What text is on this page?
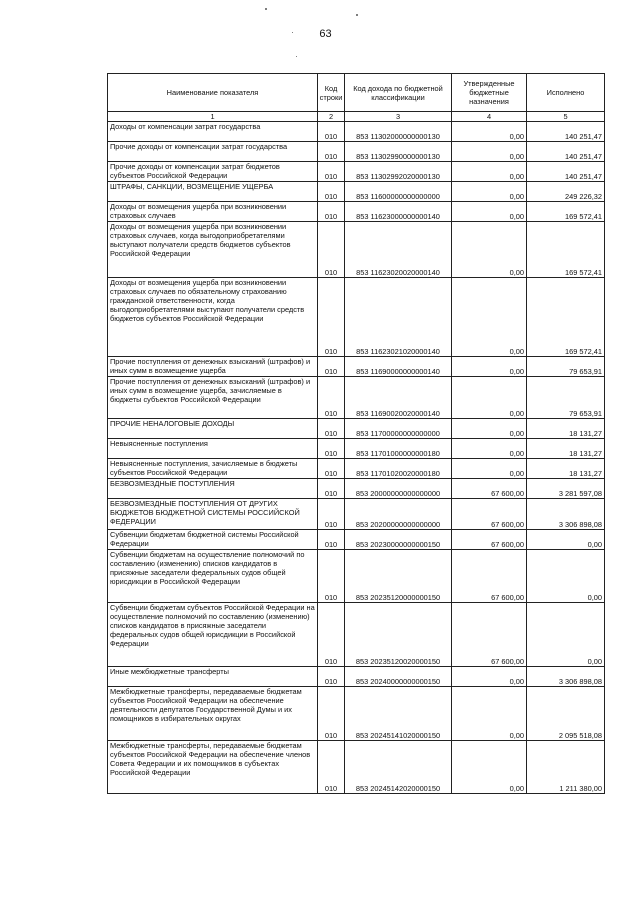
63
Наименование показателя	Код строки	Код дохода по бюджетной классификации	Утвержденные бюджетные назначения	Исполнено
1	2	3	4	5
Доходы от компенсации затрат государства	010	853 11302000000000130	0,00	140 251,47
Прочие доходы от компенсации затрат государства	010	853 11302990000000130	0,00	140 251,47
Прочие доходы от компенсации затрат бюджетов субъектов Российской Федерации	010	853 11302992020000130	0,00	140 251,47
ШТРАФЫ, САНКЦИИ, ВОЗМЕЩЕНИЕ УЩЕРБА	010	853 11600000000000000	0,00	249 226,32
Доходы от возмещения ущерба при возникновении страховых случаев	010	853 11623000000000140	0,00	169 572,41
Доходы от возмещения ущерба при возникновении страховых случаев, когда выгодоприобретателями выступают получатели средств бюджетов субъектов Российской Федерации	010	853 11623020020000140	0,00	169 572,41
Доходы от возмещения ущерба при возникновении страховых случаев по обязательному страхованию гражданской ответственности, когда выгодоприобретателями выступают получатели средств бюджетов субъектов Российской Федерации	010	853 11623021020000140	0,00	169 572,41
Прочие поступления от денежных взысканий (штрафов) и иных сумм в возмещение ущерба	010	853 11690000000000140	0,00	79 653,91
Прочие поступления от денежных взысканий (штрафов) и иных сумм в возмещение ущерба, зачисляемые в бюджеты субъектов Российской Федерации	010	853 11690020020000140	0,00	79 653,91
ПРОЧИЕ НЕНАЛОГОВЫЕ ДОХОДЫ	010	853 11700000000000000	0,00	18 131,27
Невыясненные поступления	010	853 11701000000000180	0,00	18 131,27
Невыясненные поступления, зачисляемые в бюджеты субъектов Российской Федерации	010	853 11701020020000180	0,00	18 131,27
БЕЗВОЗМЕЗДНЫЕ ПОСТУПЛЕНИЯ	010	853 20000000000000000	67 600,00	3 281 597,08
БЕЗВОЗМЕЗДНЫЕ ПОСТУПЛЕНИЯ ОТ ДРУГИХ БЮДЖЕТОВ БЮДЖЕТНОЙ СИСТЕМЫ РОССИЙСКОЙ ФЕДЕРАЦИИ	010	853 20200000000000000	67 600,00	3 306 898,08
Субвенции бюджетам бюджетной системы Российской Федерации	010	853 20230000000000150	67 600,00	0,00
Субвенции бюджетам на осуществление полномочий по составлению (изменению) списков кандидатов в присяжные заседатели федеральных судов общей юрисдикции в Российской Федерации	010	853 20235120000000150	67 600,00	0,00
Субвенции бюджетам субъектов Российской Федерации на осуществление полномочий по составлению (изменению) списков кандидатов в присяжные заседатели федеральных судов общей юрисдикции в Российской Федерации	010	853 20235120020000150	67 600,00	0,00
Иные межбюджетные трансферты	010	853 20240000000000150	0,00	3 306 898,08
Межбюджетные трансферты, передаваемые бюджетам субъектов Российской Федерации на обеспечение деятельности депутатов Государственной Думы и их помощников в избирательных округах	010	853 20245141020000150	0,00	2 095 518,08
Межбюджетные трансферты, передаваемые бюджетам субъектов Российской Федерации на обеспечение членов Совета Федерации и их помощников в субъектах Российской Федерации	010	853 20245142020000150	0,00	1 211 380,00
